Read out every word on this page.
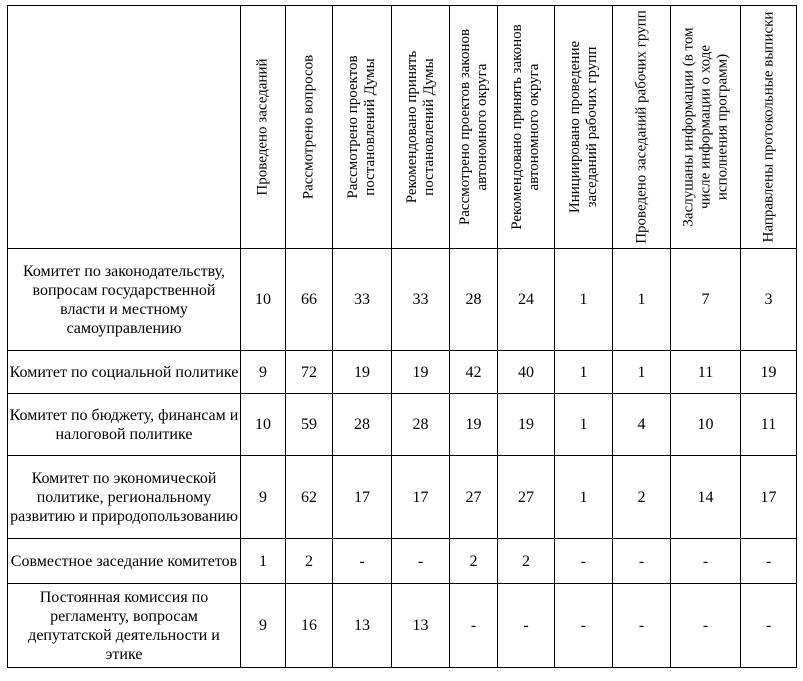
	Проведено заседаний	Рассмотрено вопросов	Рассмотрено проектов постановлений Думы	Рекомендовано принять постановлений Думы	Рассмотрено проектов законов автономного округа	Рекомендовано принять законов автономного округа	Инициировано проведение заседаний рабочих групп	Проведено заседаний рабочих групп	Заслушаны информации (в том числе информации о ходе исполнения программ)	Направлены протокольные выписки

Комитет по законодательству, вопросам государственной власти и местному самоуправлению	10	66	33	33	28	24	1	1	7	3
Комитет по социальной политике	9	72	19	19	42	40	1	1	11	19
Комитет по бюджету, финансам и налоговой политике	10	59	28	28	19	19	1	4	10	11
Комитет по экономической политике, региональному развитию и природопользованию	9	62	17	17	27	27	1	2	14	17
Совместное заседание комитетов	1	2	-	-	2	2	-	-	-	-
Постоянная комиссия по регламенту, вопросам депутатской деятельности и этике	9	16	13	13	-	-	-	-	-	-
